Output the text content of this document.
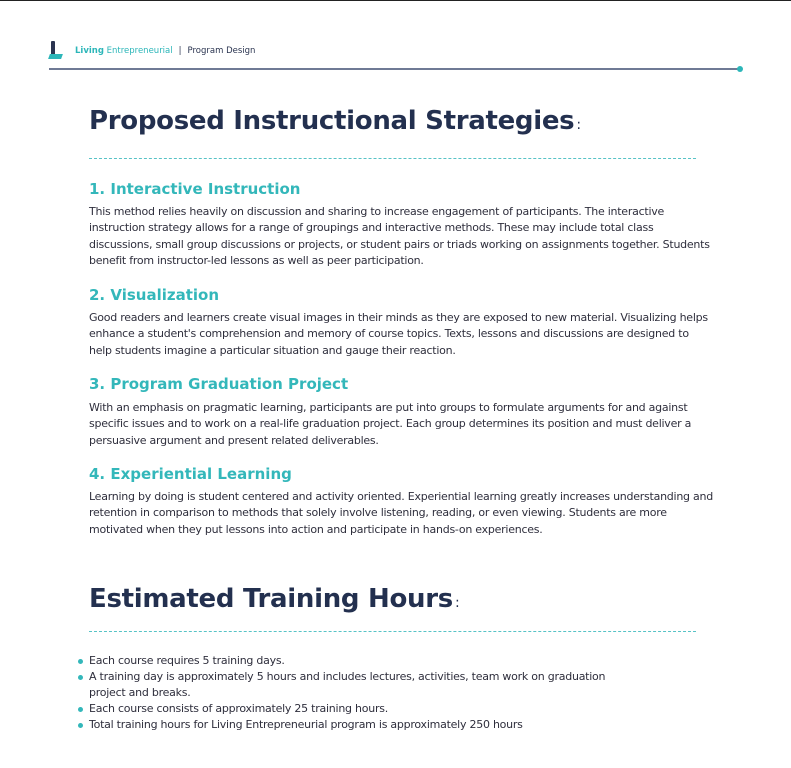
Living Entrepreneurial | Program Design
Proposed Instructional Strategies :
1. Interactive Instruction

This method relies heavily on discussion and sharing to increase engagement of participants. The interactive instruction strategy allows for a range of groupings and interactive methods. These may include total class discussions, small group discussions or projects, or student pairs or triads working on assignments together. Students benefit from instructor-led lessons as well as peer participation.

2. Visualization

Good readers and learners create visual images in their minds as they are exposed to new material. Visualizing helps enhance a student's comprehension and memory of course topics. Texts, lessons and discussions are designed to help students imagine a particular situation and gauge their reaction.

3. Program Graduation Project

With an emphasis on pragmatic learning, participants are put into groups to formulate arguments for and against specific issues and to work on a real-life graduation project. Each group determines its position and must deliver a persuasive argument and present related deliverables.

4. Experiential Learning

Learning by doing is student centered and activity oriented. Experiential learning greatly increases understanding and retention in comparison to methods that solely involve listening, reading, or even viewing. Students are more motivated when they put lessons into action and participate in hands-on experiences.

Estimated Training Hours :
Each course requires 5 training days.
A training day is approximately 5 hours and includes lectures, activities, team work on graduation project and breaks.
Each course consists of approximately 25 training hours.
Total training hours for Living Entrepreneurial program is approximately 250 hours
